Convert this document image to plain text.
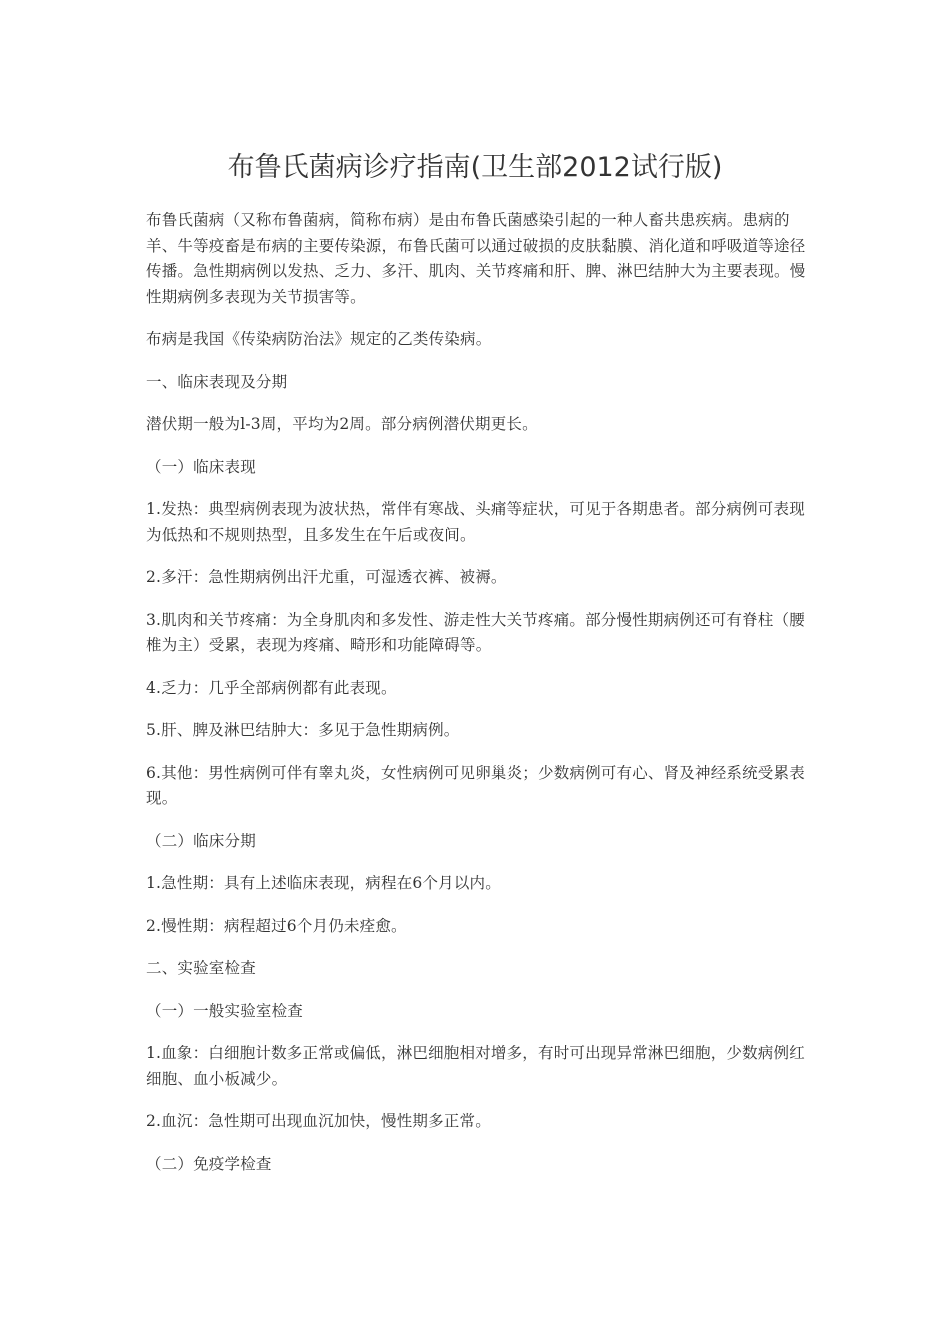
布鲁氏菌病诊疗指南(卫生部2012试行版)

布鲁氏菌病（又称布鲁菌病，简称布病）是由布鲁氏菌感染引起的一种人畜共患疾病。患病的羊、牛等疫畜是布病的主要传染源，布鲁氏菌可以通过破损的皮肤黏膜、消化道和呼吸道等途径传播。急性期病例以发热、乏力、多汗、肌肉、关节疼痛和肝、脾、淋巴结肿大为主要表现。慢性期病例多表现为关节损害等。

布病是我国《传染病防治法》规定的乙类传染病。

一、临床表现及分期

潜伏期一般为l-3周，平均为2周。部分病例潜伏期更长。

（一）临床表现

1.发热：典型病例表现为波状热，常伴有寒战、头痛等症状，可见于各期患者。部分病例可表现为低热和不规则热型，且多发生在午后或夜间。

2.多汗：急性期病例出汗尤重，可湿透衣裤、被褥。

3.肌肉和关节疼痛：为全身肌肉和多发性、游走性大关节疼痛。部分慢性期病例还可有脊柱（腰椎为主）受累，表现为疼痛、畸形和功能障碍等。

4.乏力：几乎全部病例都有此表现。

5.肝、脾及淋巴结肿大：多见于急性期病例。

6.其他：男性病例可伴有睾丸炎，女性病例可见卵巢炎；少数病例可有心、肾及神经系统受累表现。

（二）临床分期

1.急性期：具有上述临床表现，病程在6个月以内。

2.慢性期：病程超过6个月仍未痊愈。

二、实验室检查

（一）一般实验室检查

1.血象：白细胞计数多正常或偏低，淋巴细胞相对增多，有时可出现异常淋巴细胞，少数病例红细胞、血小板减少。

2.血沉：急性期可出现血沉加快，慢性期多正常。

（二）免疫学检查
